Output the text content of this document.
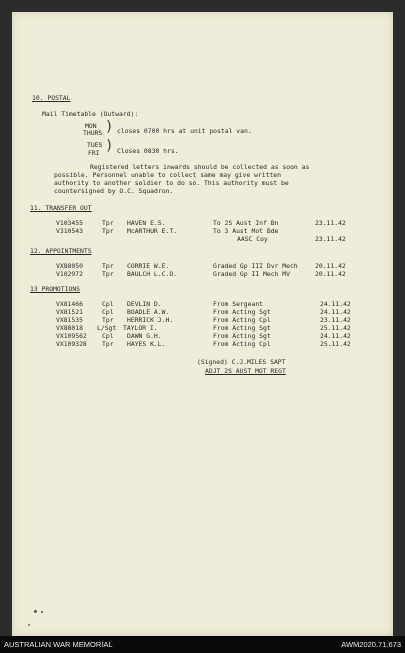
10. POSTAL
Mail Timetable (Outward):
MON
THURS ) closes 0700 hrs at unit postal van.
TUES
FRI ) Closes 0830 hrs.
Registered letters inwards should be collected as soon as
possible. Personnel unable to collect same may give written
authority to another soldier to do so. This authority must be
countersigned by O.C. Squadron.
11. TRANSFER OUT
V103455	Tpr HAVEN E.S.	To 2S Aust Inf Bn	23.11.42
V310543	Tpr McARTHUR E.T.	To 3 Aust Mot Bde
AASC Coy	23.11.42
12. APPOINTMENTS
VX88050	Tpr CORRIE W.E.	Graded Gp III Dvr Mech	20.11.42
V102972	Tpr BAULCH L.C.O.	Graded Gp II Mech MV	20.11.42
13 PROMOTIONS
VX81466	Cpl DEVLIN D.	From Sergeant	24.11.42
VX81521	Cpl BOADLE A.W.	From Acting Sgt	24.11.42
VX81535	Tpr HERRICK J.H.	From Acting Cpl	23.11.42
VX88018 L/Sgt TAYLOR I.	From Acting Sgt	25.11.42
VX109562 Cpl DAWN G.H.	From Acting Sgt	24.11.42
VX109328 Tpr HAYES K.L.	From Acting Cpl	25.11.42
(Signed) C.J.MILES SAPT
ADJT 2S AUST MOT REGT
AUSTRALIAN WAR MEMORIAL	AWM2020.71.673
